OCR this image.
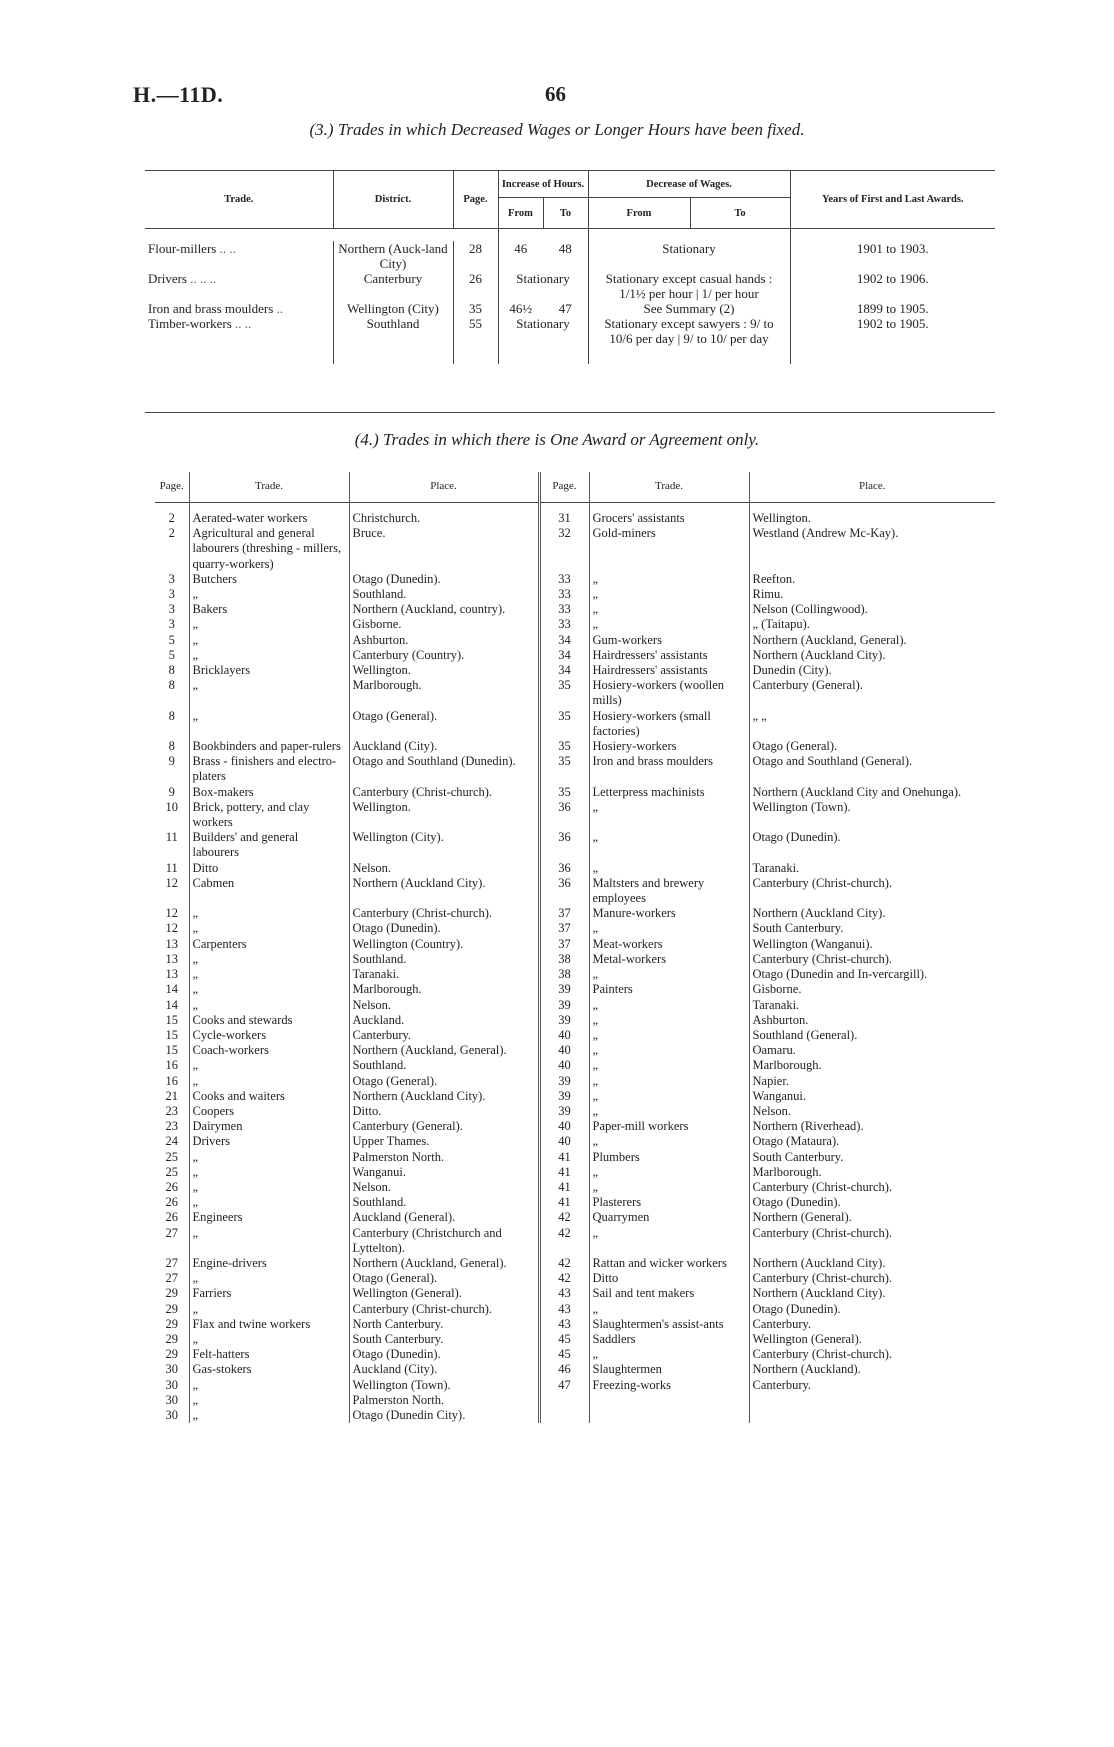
H.—11D.	66
(3.) Trades in which Decreased Wages or Longer Hours have been fixed.
Trade.	District.	Page.	Increase of Hours.		Decrease of Wages.		Years of First and Last Awards.
			From	To	From	To	

Flour-millers .. ..	Northern (Auck-land City)	28	46	48	Stationary		1901 to 1903.
Drivers .. .. ..	Canterbury	26	Stationary		Stationary except casual hands : 1/1½ per hour | 1/ per hour		1902 to 1906.
Iron and brass moulders ..	Wellington (City)	35	46½	47	See Summary (2)		1899 to 1905.
Timber-workers .. ..	Southland	55	Stationary		Stationary except sawyers : 9/ to 10/6 per day | 9/ to 10/ per day		1902 to 1905.
(4.) Trades in which there is One Award or Agreement only.
Page.	Trade.	Place.	Page.	Trade.	Place.

2	Aerated-water workers	Christchurch.	31	Grocers' assistants	Wellington.
2	Agricultural and general labourers (threshing - millers, quarry-workers)	Bruce.	32	Gold-miners	Westland (Andrew Mc-Kay).
3	Butchers	Otago (Dunedin).	33	„	Reefton.
3	„	Southland.	33	„	Rimu.
3	Bakers	Northern (Auckland, country).	33	„	Nelson (Collingwood).
3	„	Gisborne.	33	„	„ (Taitapu).
5	„	Ashburton.	34	Gum-workers	Northern (Auckland, General).
5	„	Canterbury (Country).	34	Hairdressers' assistants	Northern (Auckland City).
8	Bricklayers	Wellington.	34	Hairdressers' assistants	Dunedin (City).
8	„	Marlborough.	35	Hosiery-workers (woollen mills)	Canterbury (General).
8	„	Otago (General).	35	Hosiery-workers (small factories)	„ „
8	Bookbinders and paper-rulers	Auckland (City).	35	Hosiery-workers	Otago (General).
9	Brass - finishers and electro-platers	Otago and Southland (Dunedin).	35	Iron and brass moulders	Otago and Southland (General).
9	Box-makers	Canterbury (Christ-church).	35	Letterpress machinists	Northern (Auckland City and Onehunga).
10	Brick, pottery, and clay workers	Wellington.	36	„	Wellington (Town).
11	Builders' and general labourers	Wellington (City).	36	„	Otago (Dunedin).
11	Ditto	Nelson.	36	„	Taranaki.
12	Cabmen	Northern (Auckland City).	36	Maltsters and brewery employees	Canterbury (Christ-church).
12	„	Canterbury (Christ-church).	37	Manure-workers	Northern (Auckland City).
12	„	Otago (Dunedin).	37	„	South Canterbury.
13	Carpenters	Wellington (Country).	37	Meat-workers	Wellington (Wanganui).
13	„	Southland.	38	Metal-workers	Canterbury (Christ-church).
13	„	Taranaki.	38	„	Otago (Dunedin and In-vercargill).
14	„	Marlborough.	39	Painters	Gisborne.
14	„	Nelson.	39	„	Taranaki.
15	Cooks and stewards	Auckland.	39	„	Ashburton.
15	Cycle-workers	Canterbury.	40	„	Southland (General).
15	Coach-workers	Northern (Auckland, General).	40	„	Oamaru.
16	„	Southland.	40	„	Marlborough.
16	„	Otago (General).	39	„	Napier.
21	Cooks and waiters	Northern (Auckland City).	39	„	Wanganui.
23	Coopers	Ditto.	39	„	Nelson.
23	Dairymen	Canterbury (General).	40	Paper-mill workers	Northern (Riverhead).
24	Drivers	Upper Thames.	40	„	Otago (Mataura).
25	„	Palmerston North.	41	Plumbers	South Canterbury.
25	„	Wanganui.	41	„	Marlborough.
26	„	Nelson.	41	„	Canterbury (Christ-church).
26	„	Southland.	41	Plasterers	Otago (Dunedin).
26	Engineers	Auckland (General).	42	Quarrymen	Northern (General).
27	„	Canterbury (Christchurch and Lyttelton).	42	„	Canterbury (Christ-church).
27	Engine-drivers	Northern (Auckland, General).	42	Rattan and wicker workers	Northern (Auckland City).
27	„	Otago (General).	42	Ditto	Canterbury (Christ-church).
29	Farriers	Wellington (General).	43	Sail and tent makers	Northern (Auckland City).
29	„	Canterbury (Christ-church).	43	„	Otago (Dunedin).
29	Flax and twine workers	North Canterbury.	43	Slaughtermen's assist-ants	Canterbury.
29	„	South Canterbury.	45	Saddlers	Wellington (General).
29	Felt-hatters	Otago (Dunedin).	45	„	Canterbury (Christ-church).
30	Gas-stokers	Auckland (City).	46	Slaughtermen	Northern (Auckland).
30	„	Wellington (Town).	47	Freezing-works	Canterbury.
30	„	Palmerston North.			
30	„	Otago (Dunedin City).			
